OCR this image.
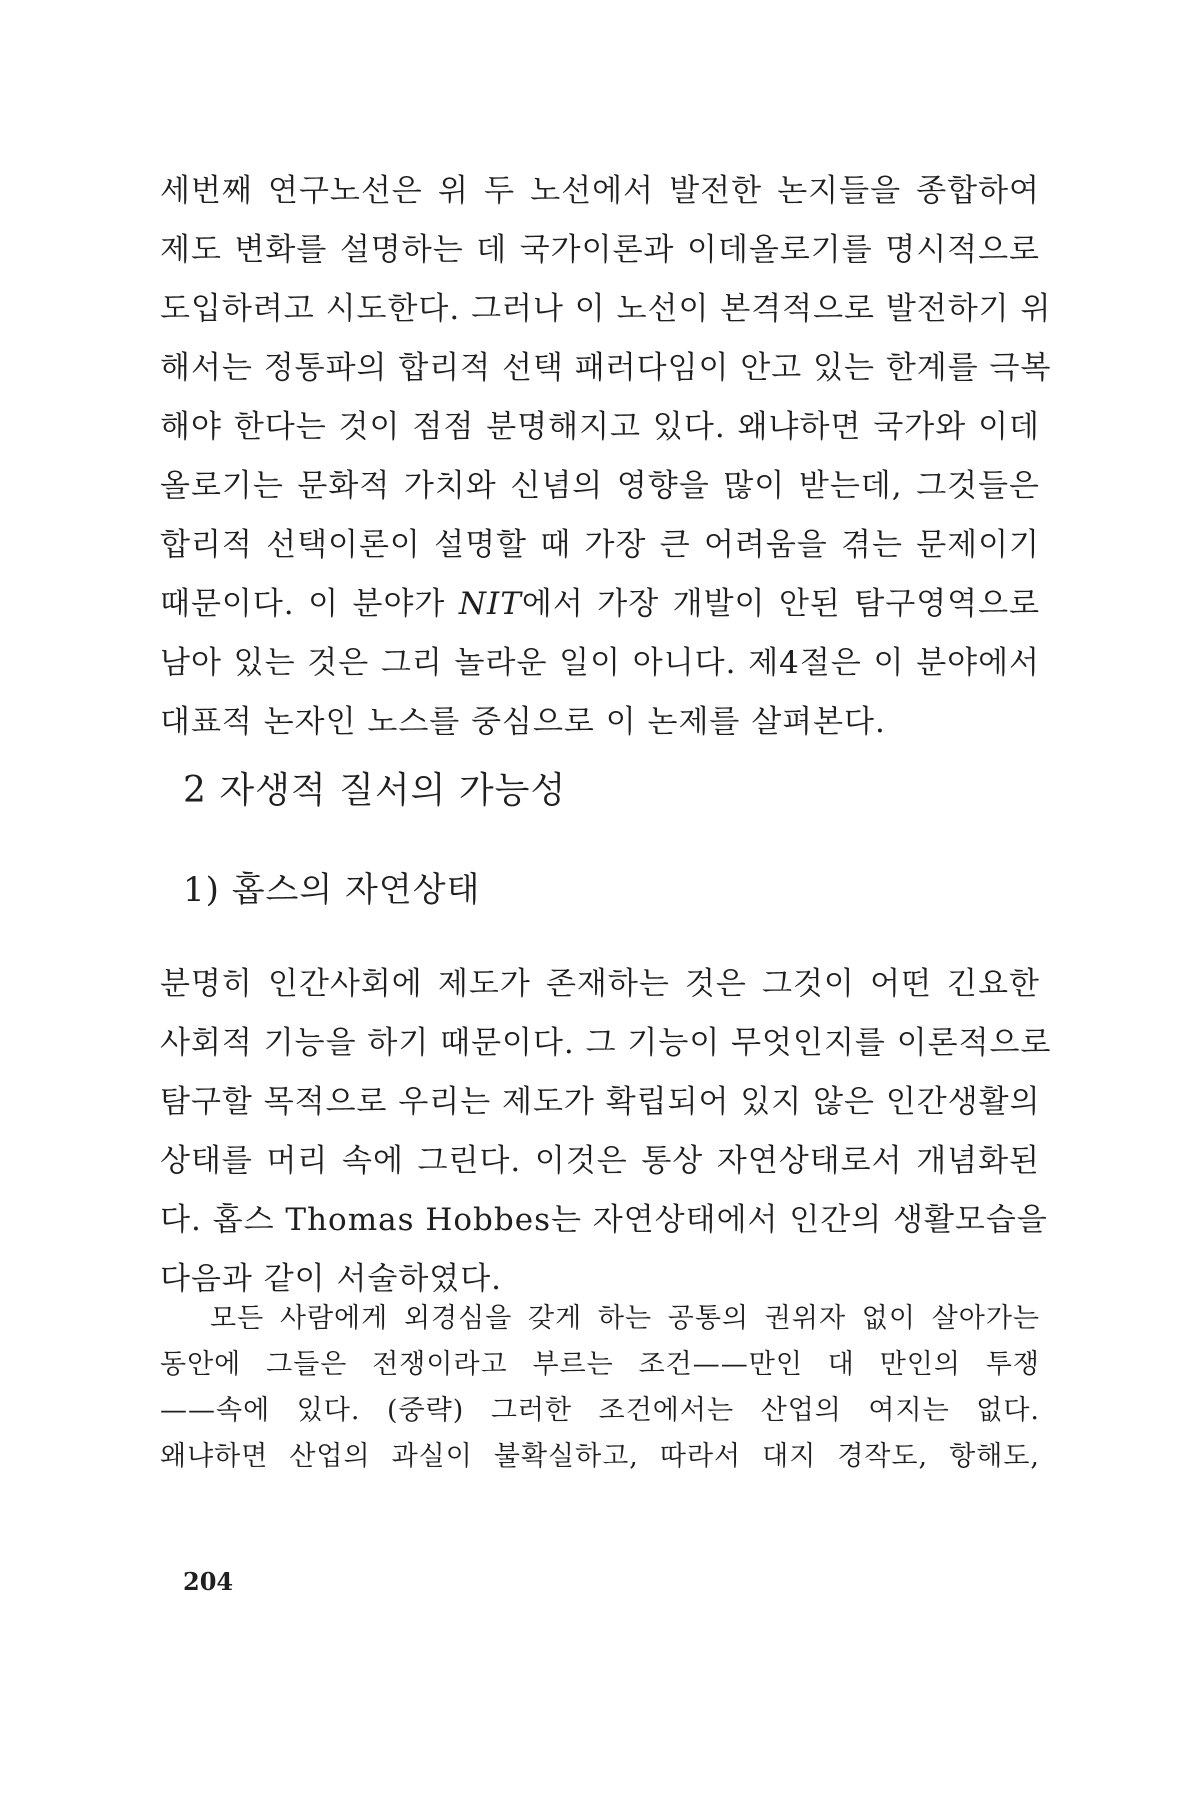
세번째 연구노선은 위 두 노선에서 발전한 논지들을 종합하여
제도 변화를 설명하는 데 국가이론과 이데올로기를 명시적으로
도입하려고 시도한다. 그러나 이 노선이 본격적으로 발전하기 위
해서는 정통파의 합리적 선택 패러다임이 안고 있는 한계를 극복
해야 한다는 것이 점점 분명해지고 있다. 왜냐하면 국가와 이데
올로기는 문화적 가치와 신념의 영향을 많이 받는데, 그것들은
합리적 선택이론이 설명할 때 가장 큰 어려움을 겪는 문제이기
때문이다. 이 분야가 NIT에서 가장 개발이 안된 탐구영역으로
남아 있는 것은 그리 놀라운 일이 아니다. 제4절은 이 분야에서
대표적 논자인 노스를 중심으로 이 논제를 살펴본다.
2 자생적 질서의 가능성
1) 홉스의 자연상태
분명히 인간사회에 제도가 존재하는 것은 그것이 어떤 긴요한
사회적 기능을 하기 때문이다. 그 기능이 무엇인지를 이론적으로
탐구할 목적으로 우리는 제도가 확립되어 있지 않은 인간생활의
상태를 머리 속에 그린다. 이것은 통상 자연상태로서 개념화된
다. 홉스 Thomas Hobbes는 자연상태에서 인간의 생활모습을
다음과 같이 서술하였다.
모든 사람에게 외경심을 갖게 하는 공통의 권위자 없이 살아가는
동안에 그들은 전쟁이라고 부르는 조건——만인 대 만인의 투쟁
——속에 있다. (중략) 그러한 조건에서는 산업의 여지는 없다.
왜냐하면 산업의 과실이 불확실하고, 따라서 대지 경작도, 항해도,

204
